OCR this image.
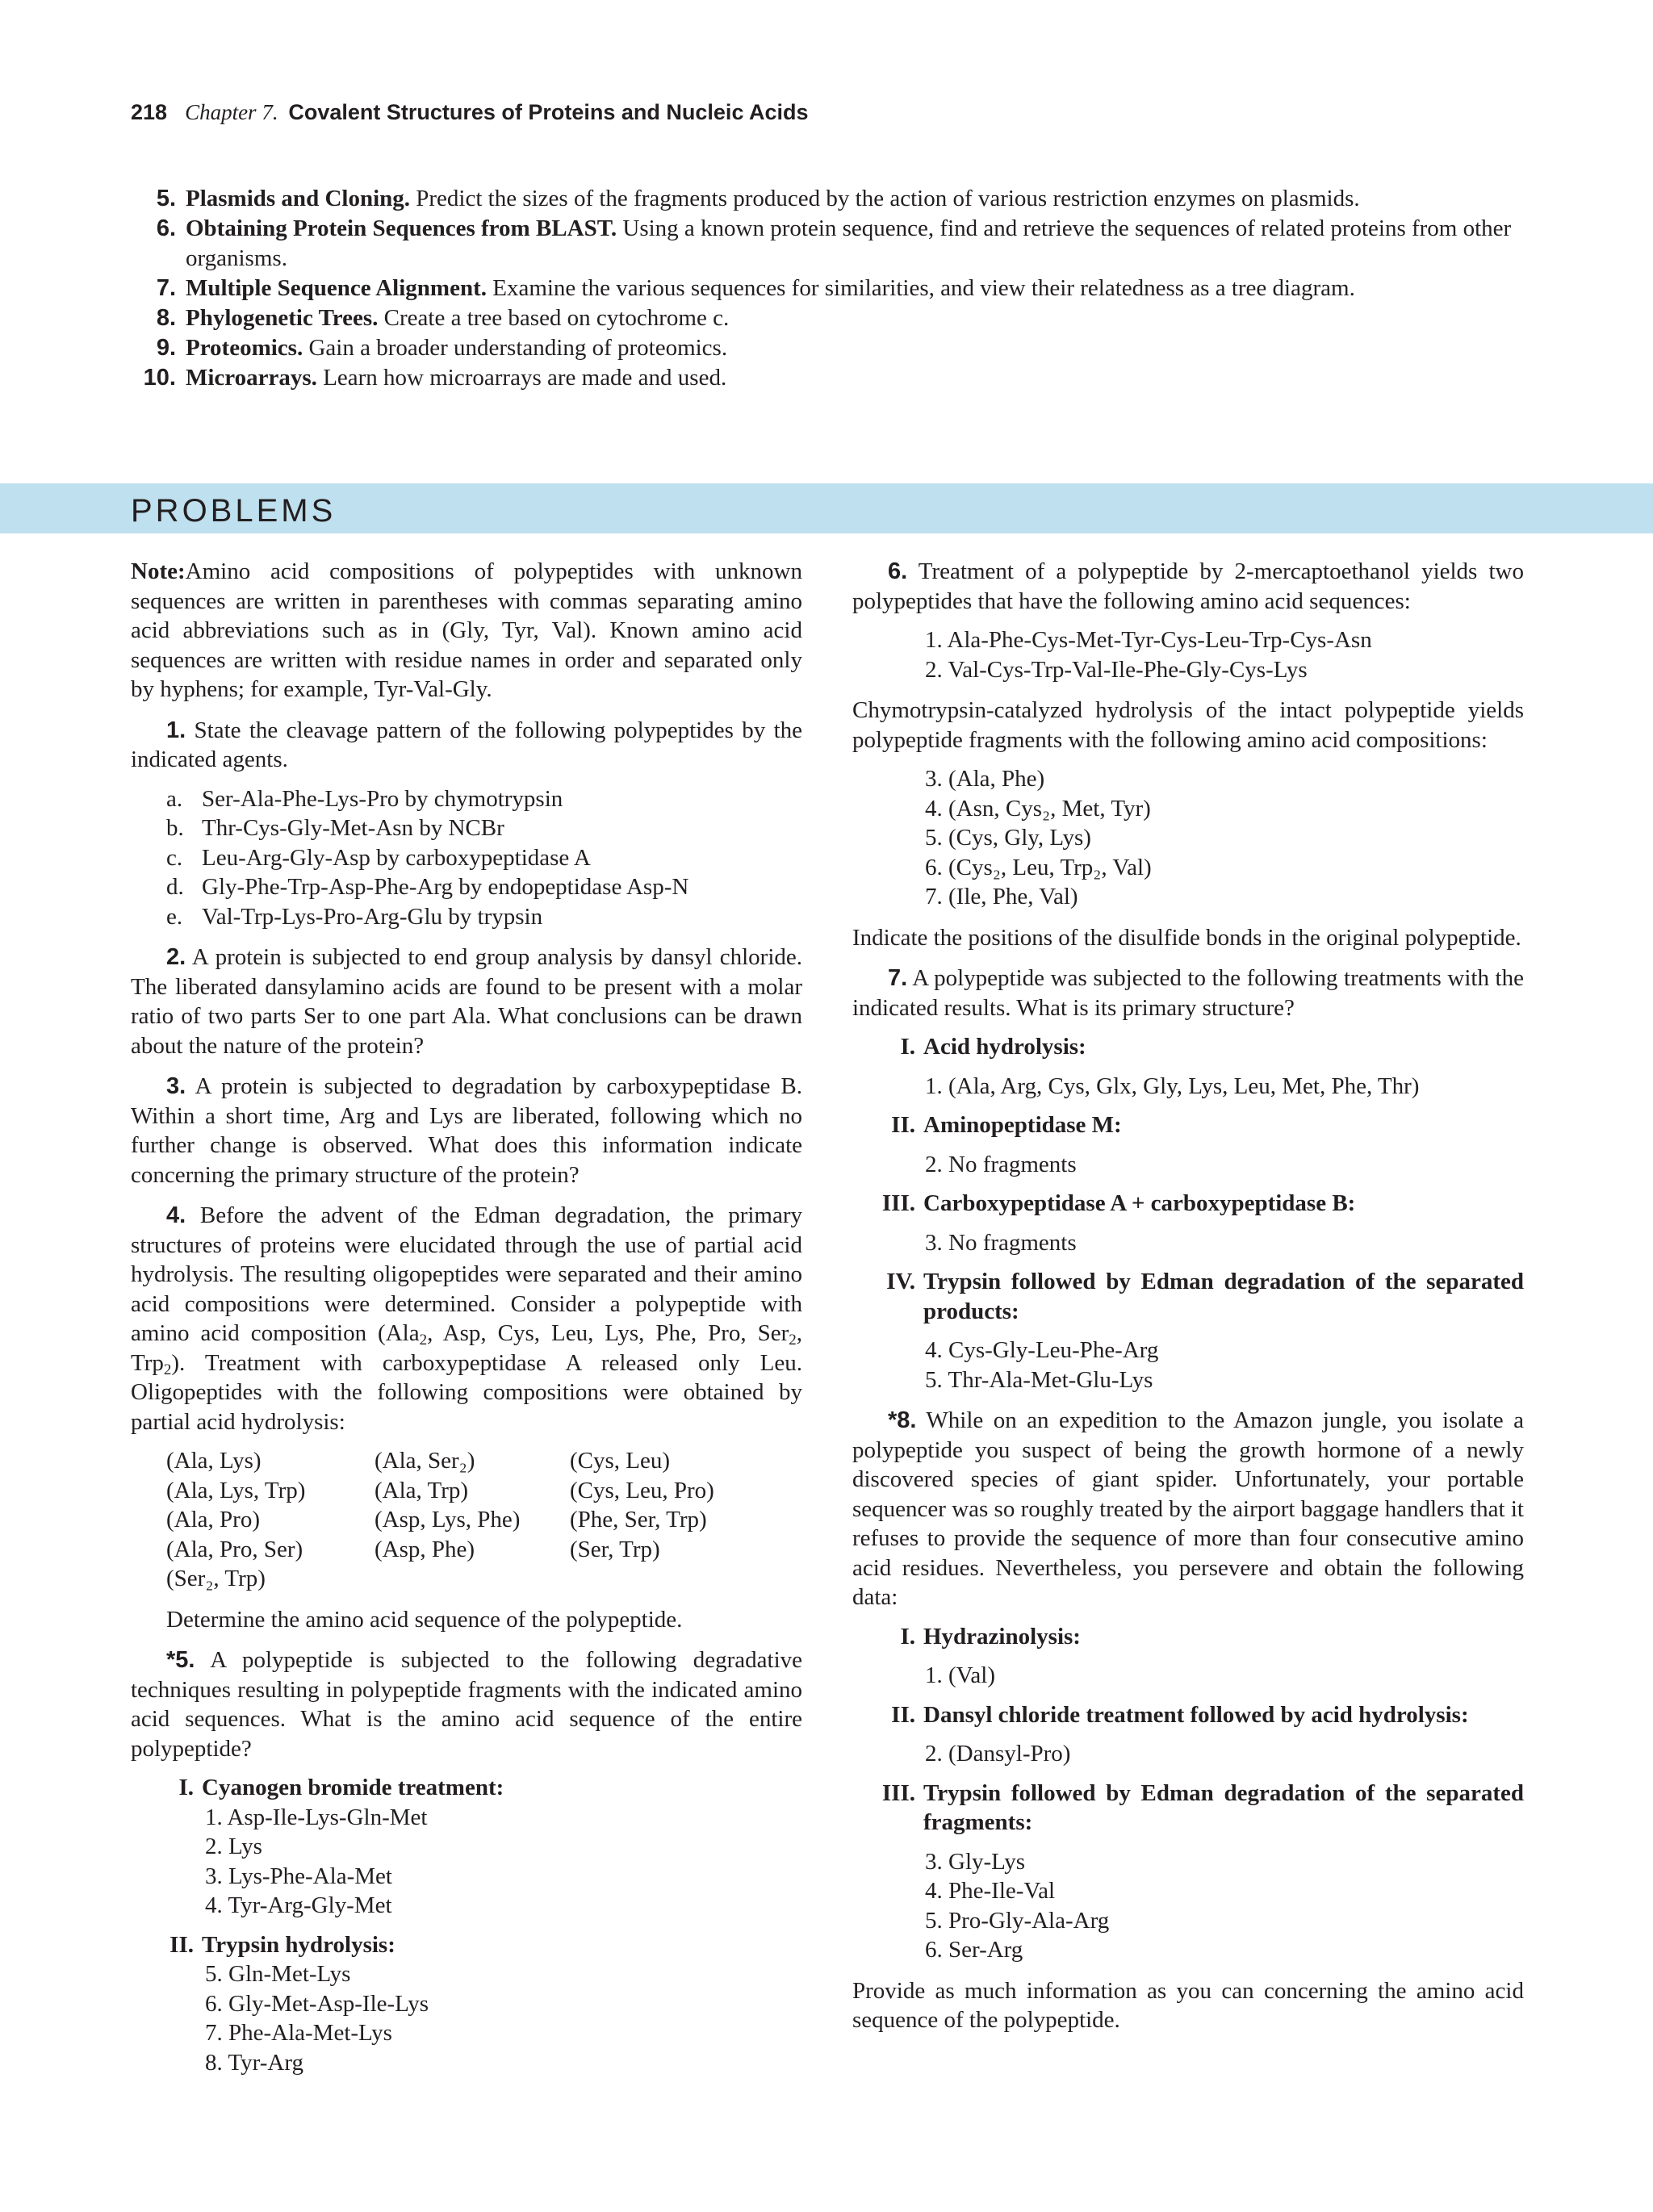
218 Chapter 7. Covalent Structures of Proteins and Nucleic Acids
5. Plasmids and Cloning. Predict the sizes of the fragments produced by the action of various restriction enzymes on plasmids.
6. Obtaining Protein Sequences from BLAST. Using a known protein sequence, find and retrieve the sequences of related proteins from other organisms.
7. Multiple Sequence Alignment. Examine the various sequences for similarities, and view their relatedness as a tree diagram.
8. Phylogenetic Trees. Create a tree based on cytochrome c.
9. Proteomics. Gain a broader understanding of proteomics.
10. Microarrays. Learn how microarrays are made and used.
PROBLEMS

Note:Amino acid compositions of polypeptides with unknown sequences are written in parentheses with commas separating amino acid abbreviations such as in (Gly, Tyr, Val). Known amino acid sequences are written with residue names in order and separated only by hyphens; for example, Tyr-Val-Gly.

1. State the cleavage pattern of the following polypeptides by the indicated agents.

a. Ser-Ala-Phe-Lys-Pro by chymotrypsin
b. Thr-Cys-Gly-Met-Asn by NCBr
c. Leu-Arg-Gly-Asp by carboxypeptidase A
d. Gly-Phe-Trp-Asp-Phe-Arg by endopeptidase Asp-N
e. Val-Trp-Lys-Pro-Arg-Glu by trypsin

2. A protein is subjected to end group analysis by dansyl chloride. The liberated dansylamino acids are found to be present with a molar ratio of two parts Ser to one part Ala. What conclusions can be drawn about the nature of the protein?

3. A protein is subjected to degradation by carboxypeptidase B. Within a short time, Arg and Lys are liberated, following which no further change is observed. What does this information indicate concerning the primary structure of the protein?

4. Before the advent of the Edman degradation, the primary structures of proteins were elucidated through the use of partial acid hydrolysis. The resulting oligopeptides were separated and their amino acid compositions were determined. Consider a polypeptide with amino acid composition (Ala$_2$, Asp, Cys, Leu, Lys, Phe, Pro, Ser$_2$, Trp$_2$). Treatment with carboxypeptidase A released only Leu. Oligopeptides with the following compositions were obtained by partial acid hydrolysis:

(Ala, Lys)	(Ala, Ser₂)	(Cys, Leu)
(Ala, Lys, Trp)	(Ala, Trp)	(Cys, Leu, Pro)
(Ala, Pro)	(Asp, Lys, Phe)	(Phe, Ser, Trp)
(Ala, Pro, Ser)	(Asp, Phe)	(Ser, Trp)
(Ser₂, Trp)

Determine the amino acid sequence of the polypeptide.

*5. A polypeptide is subjected to the following degradative techniques resulting in polypeptide fragments with the indicated amino acid sequences. What is the amino acid sequence of the entire polypeptide?

I. Cyanogen bromide treatment:
1. Asp-Ile-Lys-Gln-Met
2. Lys
3. Lys-Phe-Ala-Met
4. Tyr-Arg-Gly-Met
II. Trypsin hydrolysis:
5. Gln-Met-Lys
6. Gly-Met-Asp-Ile-Lys
7. Phe-Ala-Met-Lys
8. Tyr-Arg

6. Treatment of a polypeptide by 2-mercaptoethanol yields two polypeptides that have the following amino acid sequences:

1. Ala-Phe-Cys-Met-Tyr-Cys-Leu-Trp-Cys-Asn
2. Val-Cys-Trp-Val-Ile-Phe-Gly-Cys-Lys

Chymotrypsin-catalyzed hydrolysis of the intact polypeptide yields polypeptide fragments with the following amino acid compositions:

3. (Ala, Phe)
4. (Asn, Cys₂, Met, Tyr)
5. (Cys, Gly, Lys)
6. (Cys₂, Leu, Trp₂, Val)
7. (Ile, Phe, Val)

Indicate the positions of the disulfide bonds in the original polypeptide.

7. A polypeptide was subjected to the following treatments with the indicated results. What is its primary structure?

I. Acid hydrolysis:
1. (Ala, Arg, Cys, Glx, Gly, Lys, Leu, Met, Phe, Thr)
II. Aminopeptidase M:
2. No fragments
III. Carboxypeptidase A + carboxypeptidase B:
3. No fragments
IV. Trypsin followed by Edman degradation of the separated products:
4. Cys-Gly-Leu-Phe-Arg
5. Thr-Ala-Met-Glu-Lys

*8. While on an expedition to the Amazon jungle, you isolate a polypeptide you suspect of being the growth hormone of a newly discovered species of giant spider. Unfortunately, your portable sequencer was so roughly treated by the airport baggage handlers that it refuses to provide the sequence of more than four consecutive amino acid residues. Nevertheless, you persevere and obtain the following data:

I. Hydrazinolysis:
1. (Val)
II. Dansyl chloride treatment followed by acid hydrolysis:
2. (Dansyl-Pro)
III. Trypsin followed by Edman degradation of the separated fragments:
3. Gly-Lys
4. Phe-Ile-Val
5. Pro-Gly-Ala-Arg
6. Ser-Arg

Provide as much information as you can concerning the amino acid sequence of the polypeptide.
